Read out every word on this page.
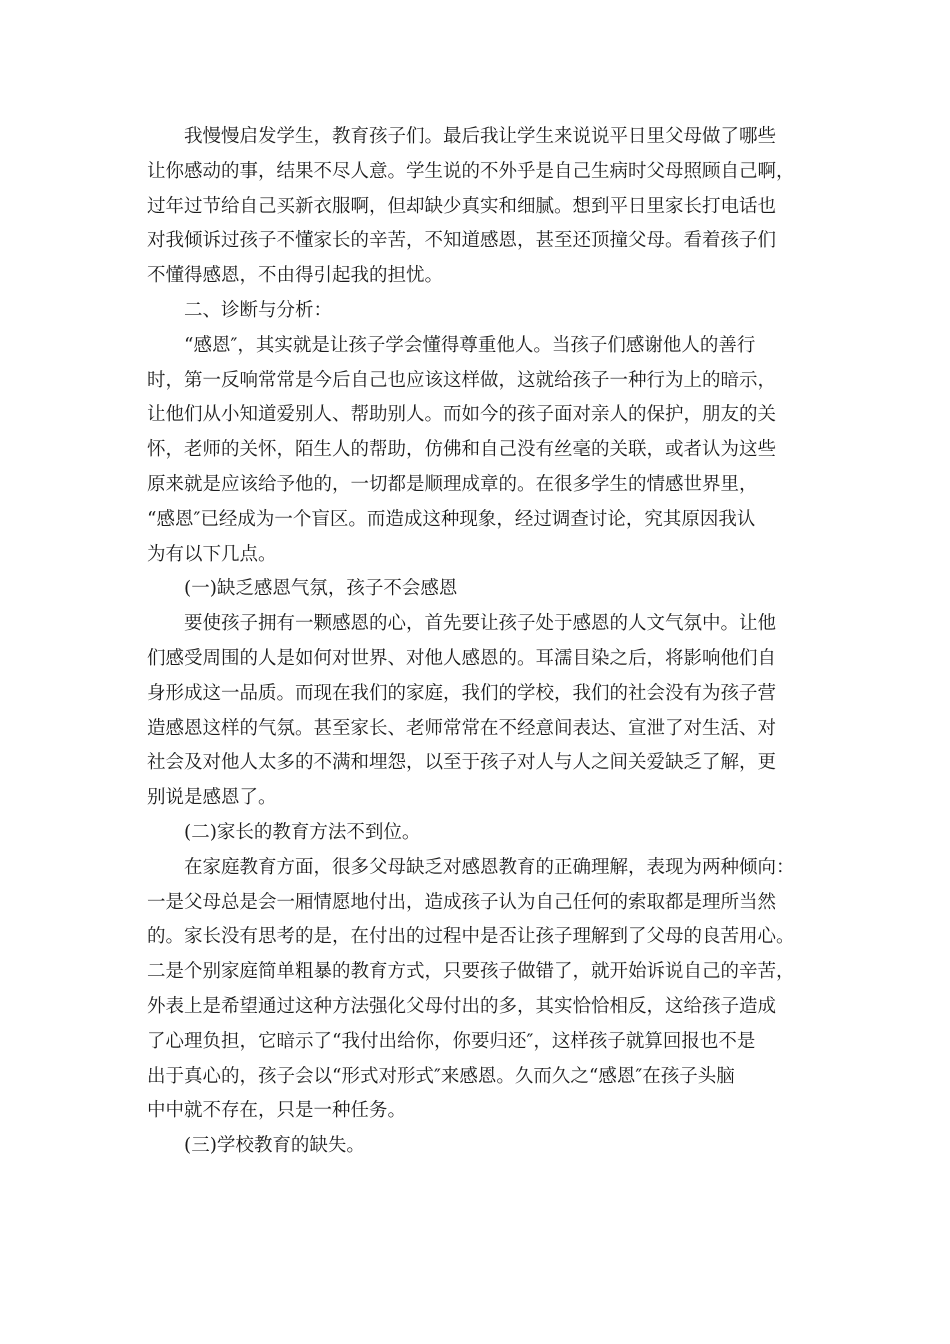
我慢慢启发学生，教育孩子们。最后我让学生来说说平日里父母做了哪些
让你感动的事，结果不尽人意。学生说的不外乎是自己生病时父母照顾自己啊，
过年过节给自己买新衣服啊，但却缺少真实和细腻。想到平日里家长打电话也
对我倾诉过孩子不懂家长的辛苦，不知道感恩，甚至还顶撞父母。看着孩子们
不懂得感恩，不由得引起我的担忧。
二、诊断与分析：
“感恩″，其实就是让孩子学会懂得尊重他人。当孩子们感谢他人的善行
时，第一反响常常是今后自己也应该这样做，这就给孩子一种行为上的暗示，
让他们从小知道爱别人、帮助别人。而如今的孩子面对亲人的保护，朋友的关
怀，老师的关怀，陌生人的帮助，仿佛和自己没有丝毫的关联，或者认为这些
原来就是应该给予他的，一切都是顺理成章的。在很多学生的情感世界里，
“感恩″已经成为一个盲区。而造成这种现象，经过调查讨论，究其原因我认
为有以下几点。
(一)缺乏感恩气氛，孩子不会感恩
要使孩子拥有一颗感恩的心，首先要让孩子处于感恩的人文气氛中。让他
们感受周围的人是如何对世界、对他人感恩的。耳濡目染之后，将影响他们自
身形成这一品质。而现在我们的家庭，我们的学校，我们的社会没有为孩子营
造感恩这样的气氛。甚至家长、老师常常在不经意间表达、宣泄了对生活、对
社会及对他人太多的不满和埋怨，以至于孩子对人与人之间关爱缺乏了解，更
别说是感恩了。
(二)家长的教育方法不到位。
在家庭教育方面，很多父母缺乏对感恩教育的正确理解，表现为两种倾向：
一是父母总是会一厢情愿地付出，造成孩子认为自己任何的索取都是理所当然
的。家长没有思考的是，在付出的过程中是否让孩子理解到了父母的良苦用心。
二是个别家庭简单粗暴的教育方式，只要孩子做错了，就开始诉说自己的辛苦，
外表上是希望通过这种方法强化父母付出的多，其实恰恰相反，这给孩子造成
了心理负担，它暗示了“我付出给你，你要归还″，这样孩子就算回报也不是
出于真心的，孩子会以“形式对形式″来感恩。久而久之“感恩″在孩子头脑
中中就不存在，只是一种任务。
(三)学校教育的缺失。
